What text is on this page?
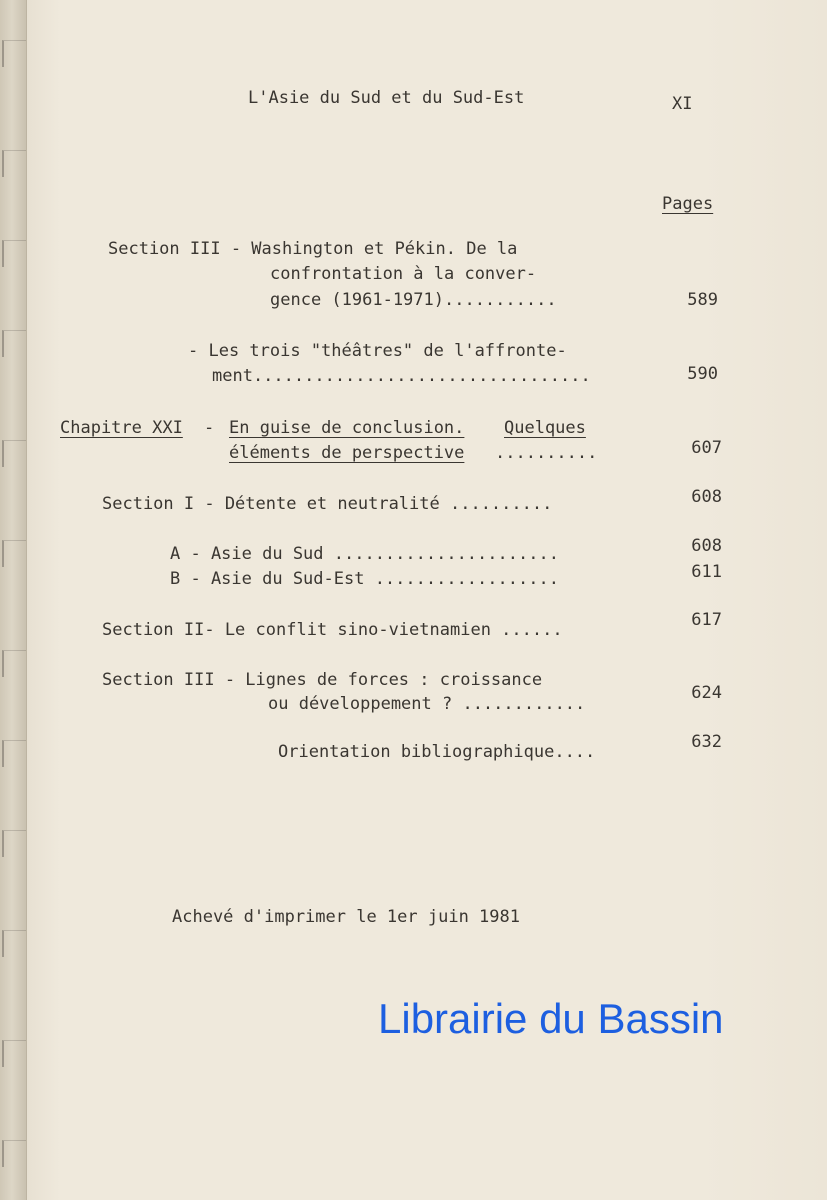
L'Asie du Sud et du Sud-Est	XI
Pages
Section III - Washington et Pékin. De la
confrontation à la conver-
gence (1961-1971)...........	589
- Les trois "théâtres" de l'affronte-
ment.................................	590
Chapitre XXI - En guise de conclusion. Quelques
éléments de perspective ..........	607
Section I - Détente et neutralité ..........	608
A - Asie du Sud ......................	608
B - Asie du Sud-Est ..................	611
Section II- Le conflit sino-vietnamien ......	617
Section III - Lignes de forces : croissance
ou développement ? ............
624
Orientation bibliographique....	632
Achevé d'imprimer le 1er juin 1981
Librairie du Bassin
